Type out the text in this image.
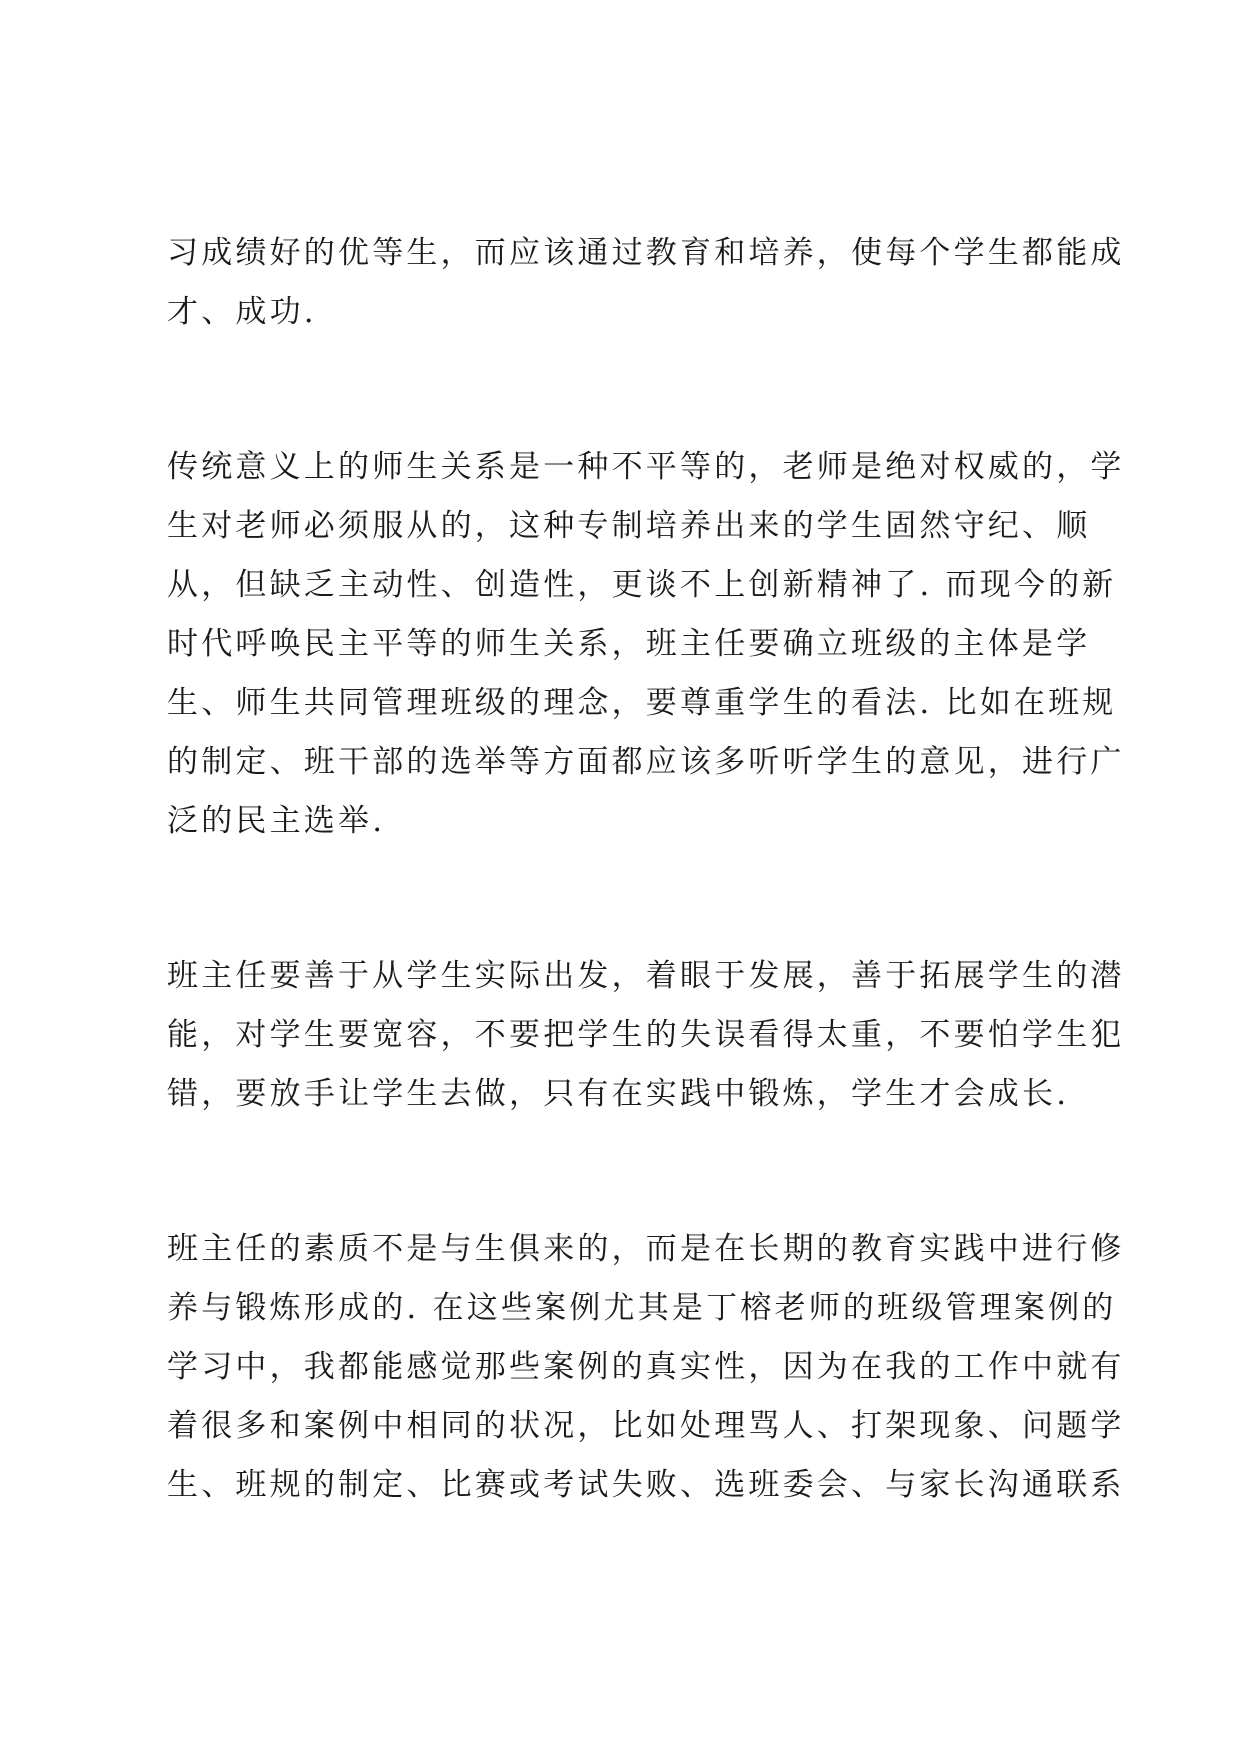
习成绩好的优等生，而应该通过教育和培养，使每个学生都能成
才、成功.
传统意义上的师生关系是一种不平等的，老师是绝对权威的，学
生对老师必须服从的，这种专制培养出来的学生固然守纪、顺
从，但缺乏主动性、创造性，更谈不上创新精神了. 而现今的新
时代呼唤民主平等的师生关系，班主任要确立班级的主体是学
生、师生共同管理班级的理念，要尊重学生的看法. 比如在班规
的制定、班干部的选举等方面都应该多听听学生的意见，进行广
泛的民主选举.
班主任要善于从学生实际出发，着眼于发展，善于拓展学生的潜
能，对学生要宽容，不要把学生的失误看得太重，不要怕学生犯
错，要放手让学生去做，只有在实践中锻炼，学生才会成长.
班主任的素质不是与生俱来的，而是在长期的教育实践中进行修
养与锻炼形成的. 在这些案例尤其是丁榕老师的班级管理案例的
学习中，我都能感觉那些案例的真实性，因为在我的工作中就有
着很多和案例中相同的状况，比如处理骂人、打架现象、问题学
生、班规的制定、比赛或考试失败、选班委会、与家长沟通联系
